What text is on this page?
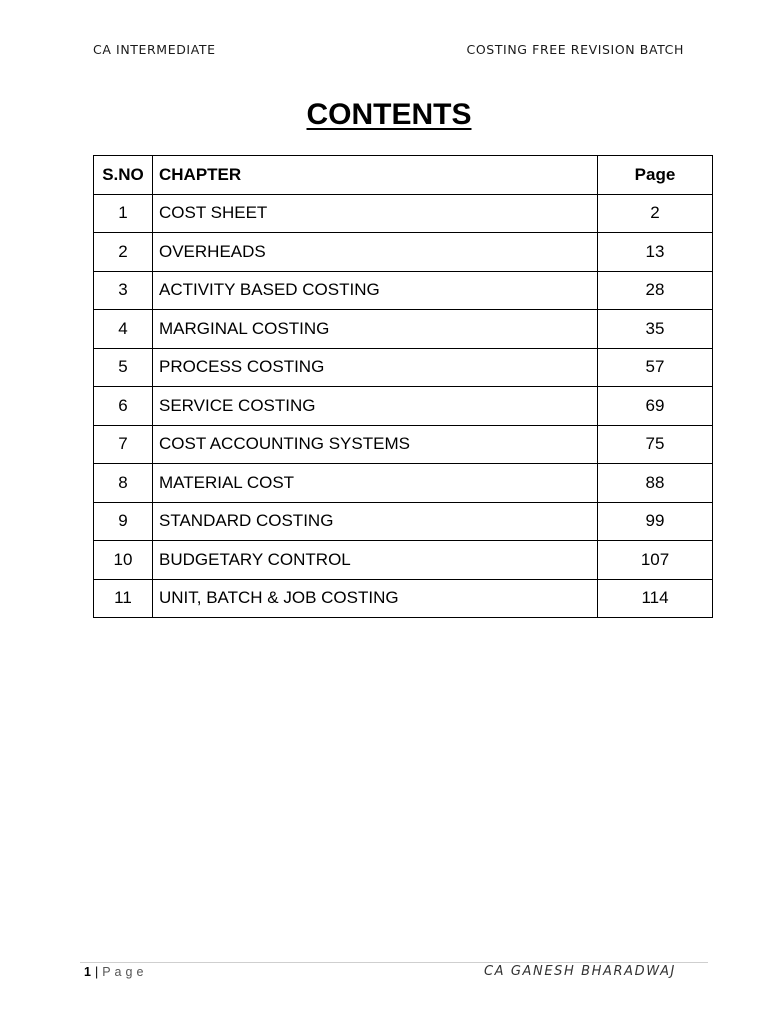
CA INTERMEDIATE	COSTING FREE REVISION BATCH
CONTENTS
S.NO	CHAPTER	Page
1	COST SHEET	2
2	OVERHEADS	13
3	ACTIVITY BASED COSTING	28
4	MARGINAL COSTING	35
5	PROCESS COSTING	57
6	SERVICE COSTING	69
7	COST ACCOUNTING SYSTEMS	75
8	MATERIAL COST	88
9	STANDARD COSTING	99
10	BUDGETARY CONTROL	107
11	UNIT, BATCH & JOB COSTING	114
1 | Page	CA GANESH BHARADWAJ
